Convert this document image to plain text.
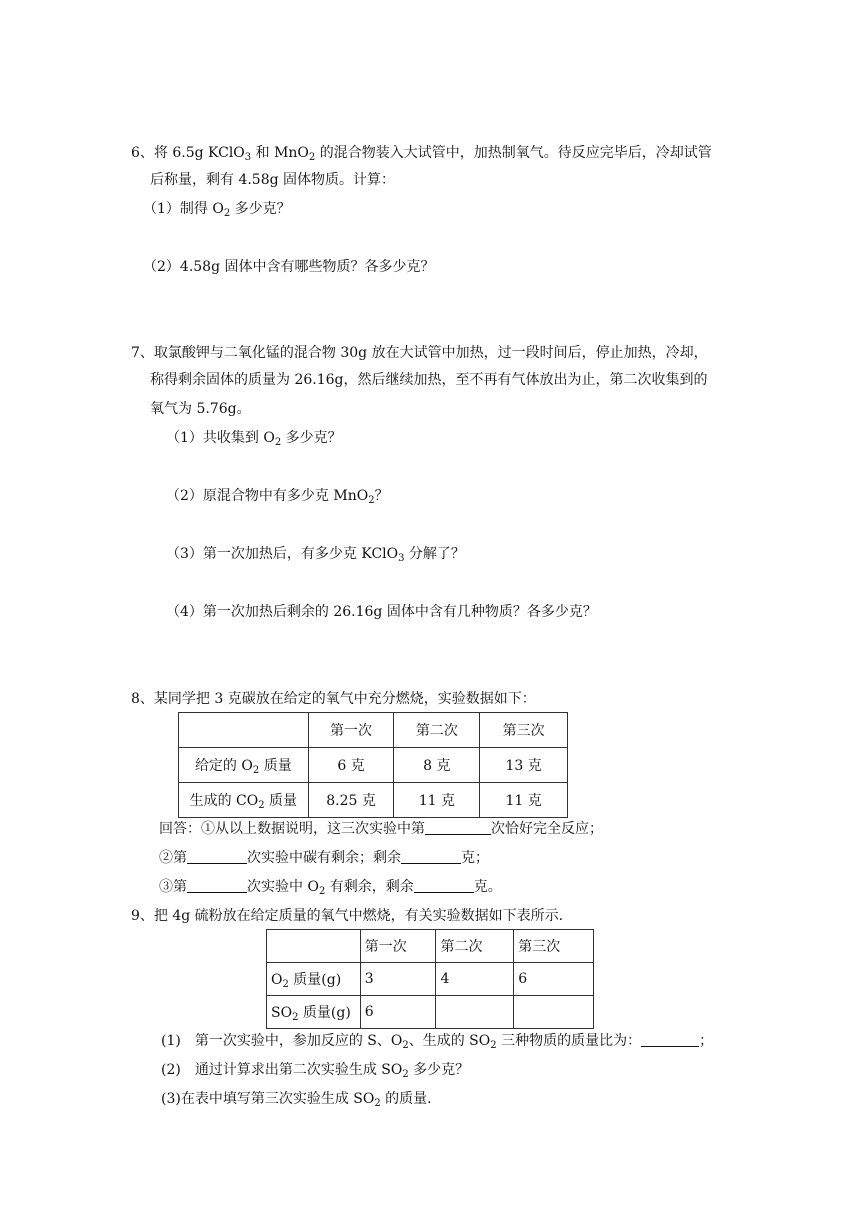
6、将 6.5g KClO$_3$ 和 MnO$_2$ 的混合物装入大试管中，加热制氧气。待反应完毕后，冷却试管
后称量，剩有 4.58g 固体物质。计算：
（1）制得 $O_2$ 多少克？
（2）4.58g 固体中含有哪些物质？各多少克？
7、取氯酸钾与二氧化锰的混合物 30g 放在大试管中加热，过一段时间后，停止加热，冷却，
称得剩余固体的质量为 26.16g，然后继续加热，至不再有气体放出为止，第二次收集到的
氧气为 5.76g。
（1）共收集到 $O_2$ 多少克？
（2）原混合物中有多少克 MnO$_2$？
（3）第一次加热后，有多少克 KClO$_3$ 分解了？
（4）第一次加热后剩余的 26.16g 固体中含有几种物质？各多少克？
8、某同学把 3 克碳放在给定的氧气中充分燃烧，实验数据如下：
	第一次	第二次	第三次
给定的 $O_2$ 质量	6 克	8 克	13 克
生成的 $CO_2$ 质量	8.25 克	11 克	11 克
回答：①从以上数据说明，这三次实验中第	次恰好完全反应；
②第	次实验中碳有剩余；剩余	克；
③第	次实验中 $O_2$ 有剩余，剩余	克。
9、把 4g 硫粉放在给定质量的氧气中燃烧，有关实验数据如下表所示.
	第一次	第二次	第三次
$O_2$ 质量(g)	3	4	6
$SO_2$ 质量(g)	6		
(1)　第一次实验中，参加反应的 S、$O_2$、生成的 $SO_2$ 三种物质的质量比为：	；
(2)　通过计算求出第二次实验生成 $SO_2$ 多少克？
(3)在表中填写第三次实验生成 $SO_2$ 的质量.
